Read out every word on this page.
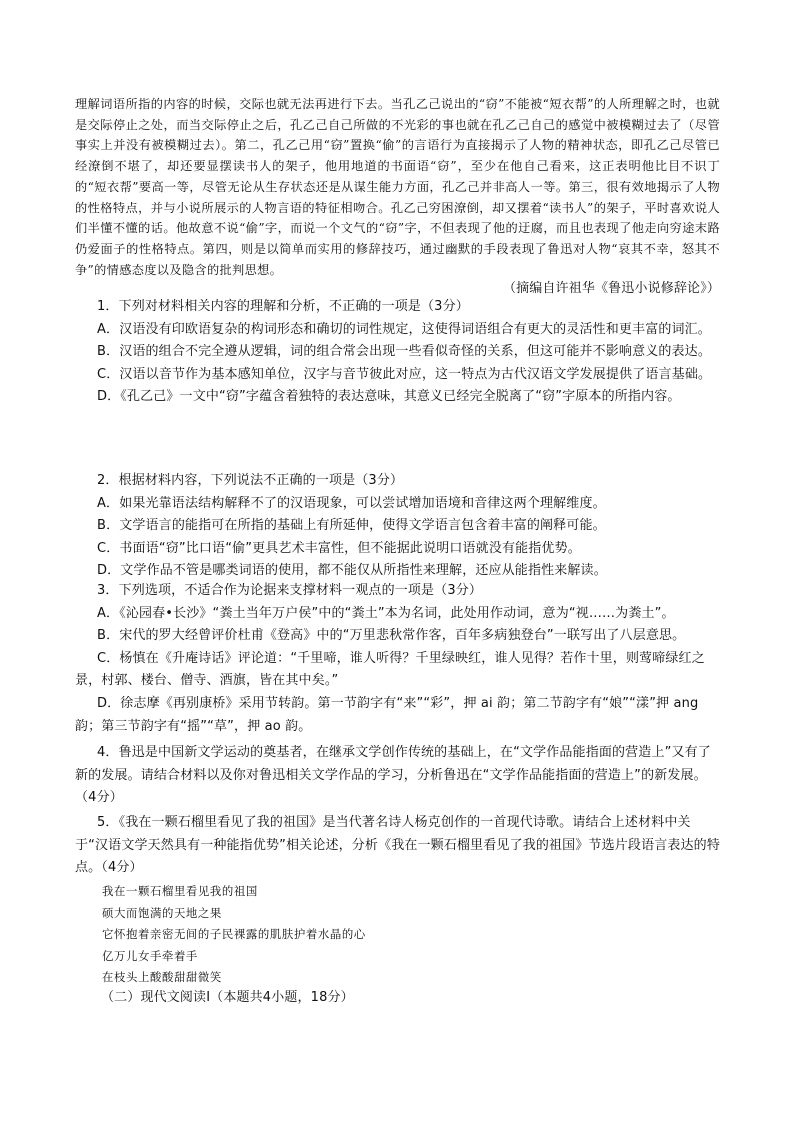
理解词语所指的内容的时候，交际也就无法再进行下去。当孔乙己说出的“窃”不能被“短衣帮”的人所理解之时，也就是交际停止之处，而当交际停止之后，孔乙己自己所做的不光彩的事也就在孔乙己自己的感觉中被模糊过去了（尽管事实上并没有被模糊过去）。第二，孔乙己用“窃”置换“偷”的言语行为直接揭示了人物的精神状态，即孔乙己尽管已经潦倒不堪了，却还要显摆读书人的架子，他用地道的书面语“窃”，至少在他自己看来，这正表明他比目不识丁的“短衣帮”要高一等，尽管无论从生存状态还是从谋生能力方面，孔乙己并非高人一等。第三，很有效地揭示了人物的性格特点，并与小说所展示的人物言语的特征相吻合。孔乙己穷困潦倒，却又摆着“读书人”的架子，平时喜欢说人们半懂不懂的话。他故意不说“偷”字，而说一个文气的“窃”字，不但表现了他的迂腐，而且也表现了他走向穷途末路仍爱面子的性格特点。第四，则是以简单而实用的修辞技巧，通过幽默的手段表现了鲁迅对人物“哀其不幸，怒其不争”的情感态度以及隐含的批判思想。

（摘编自许祖华《鲁迅小说修辞论》）

1．下列对材料相关内容的理解和分析，不正确的一项是（3分）

A．汉语没有印欧语复杂的构词形态和确切的词性规定，这使得词语组合有更大的灵活性和更丰富的词汇。

B．汉语的组合不完全遵从逻辑，词的组合常会出现一些看似奇怪的关系，但这可能并不影响意义的表达。

C．汉语以音节作为基本感知单位，汉字与音节彼此对应，这一特点为古代汉语文学发展提供了语言基础。

D．《孔乙己》一文中“窃”字蕴含着独特的表达意味，其意义已经完全脱离了“窃”字原本的所指内容。

2．根据材料内容，下列说法不正确的一项是（3分）

A．如果光靠语法结构解释不了的汉语现象，可以尝试增加语境和音律这两个理解维度。

B．文学语言的能指可在所指的基础上有所延伸，使得文学语言包含着丰富的阐释可能。

C．书面语“窃”比口语“偷”更具艺术丰富性，但不能据此说明口语就没有能指优势。

D．文学作品不管是哪类词语的使用，都不能仅从所指性来理解，还应从能指性来解读。

3．下列选项，不适合作为论据来支撑材料一观点的一项是（3分）

A．《沁园春•长沙》“粪土当年万户侯”中的“粪土”本为名词，此处用作动词，意为“视……为粪土”。

B．宋代的罗大经曾评价杜甫《登高》中的“万里悲秋常作客，百年多病独登台”一联写出了八层意思。

C．杨慎在《升庵诗话》评论道：“千里啼，谁人听得？千里绿映红，谁人见得？若作十里，则莺啼绿红之景，村郭、楼台、僧寺、酒旗，皆在其中矣。”

D．徐志摩《再别康桥》采用节转韵。第一节韵字有“来”“彩”，押 ai 韵；第二节韵字有“娘”“漾”押 ang韵；第三节韵字有“摇”“草”，押 ao 韵。

4．鲁迅是中国新文学运动的奠基者，在继承文学创作传统的基础上，在“文学作品能指面的营造上”又有了新的发展。请结合材料以及你对鲁迅相关文学作品的学习，分析鲁迅在“文学作品能指面的营造上”的新发展。（4分）

5．《我在一颗石榴里看见了我的祖国》是当代著名诗人杨克创作的一首现代诗歌。请结合上述材料中关于“汉语文学天然具有一种能指优势”相关论述，分析《我在一颗石榴里看见了我的祖国》节选片段语言表达的特点。（4分）

我在一颗石榴里看见我的祖国

硕大而饱满的天地之果

它怀抱着亲密无间的子民裸露的肌肤护着水晶的心

亿万儿女手牵着手

在枝头上酸酸甜甜微笑

（二）现代文阅读Ⅰ（本题共4小题，18分）
